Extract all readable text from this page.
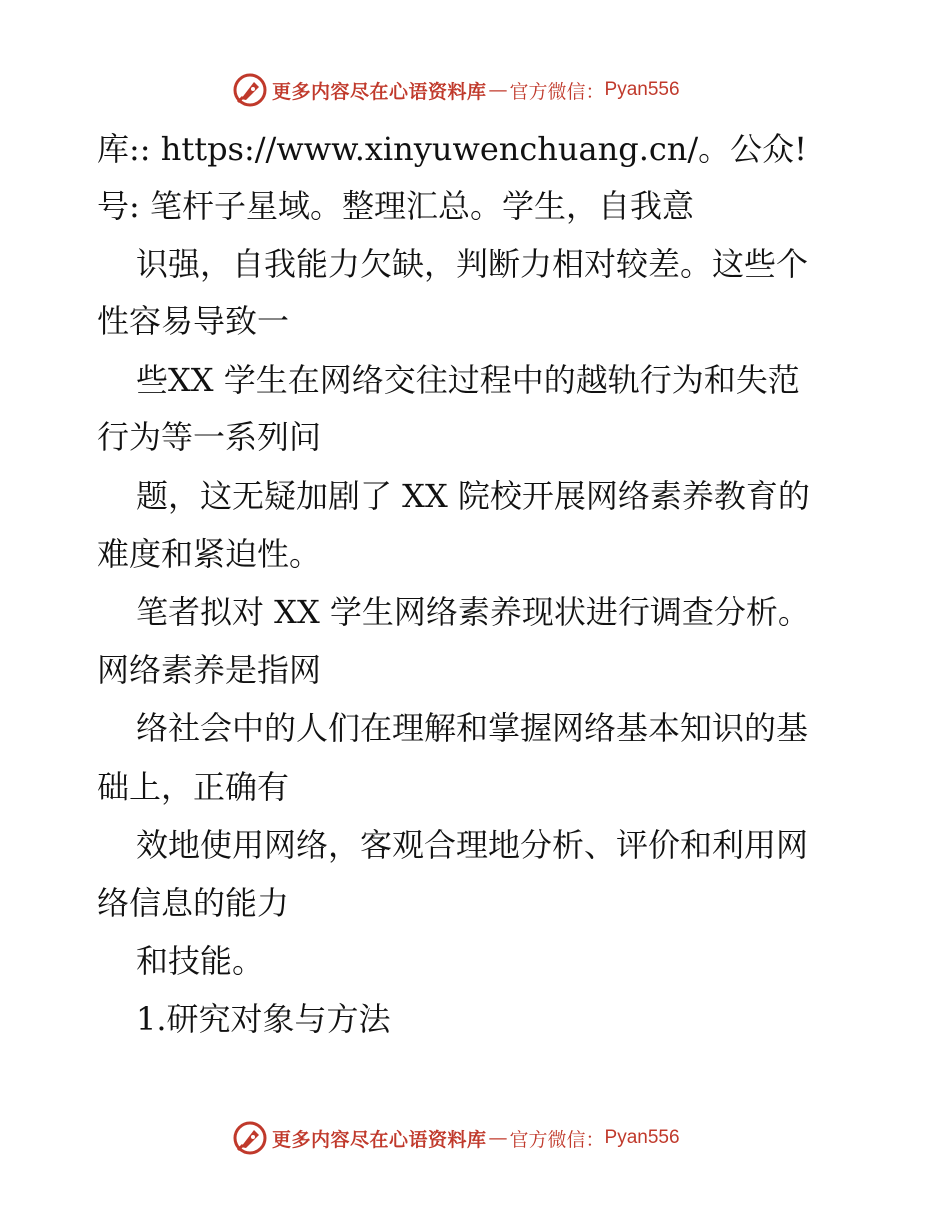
更多内容尽在心语资料库 — 官方微信： Pyan556
库:: https://www.xinyuwenchuang.cn/。公众!
号: 笔杆子星域。整理汇总。学生，自我意
识强，自我能力欠缺，判断力相对较差。这些个
性容易导致一
些XX 学生在网络交往过程中的越轨行为和失范
行为等一系列问
题，这无疑加剧了 XX 院校开展网络素养教育的
难度和紧迫性。
笔者拟对 XX 学生网络素养现状进行调查分析。
网络素养是指网
络社会中的人们在理解和掌握网络基本知识的基
础上，正确有
效地使用网络，客观合理地分析、评价和利用网
络信息的能力
和技能。
1.研究对象与方法
更多内容尽在心语资料库 — 官方微信： Pyan556
